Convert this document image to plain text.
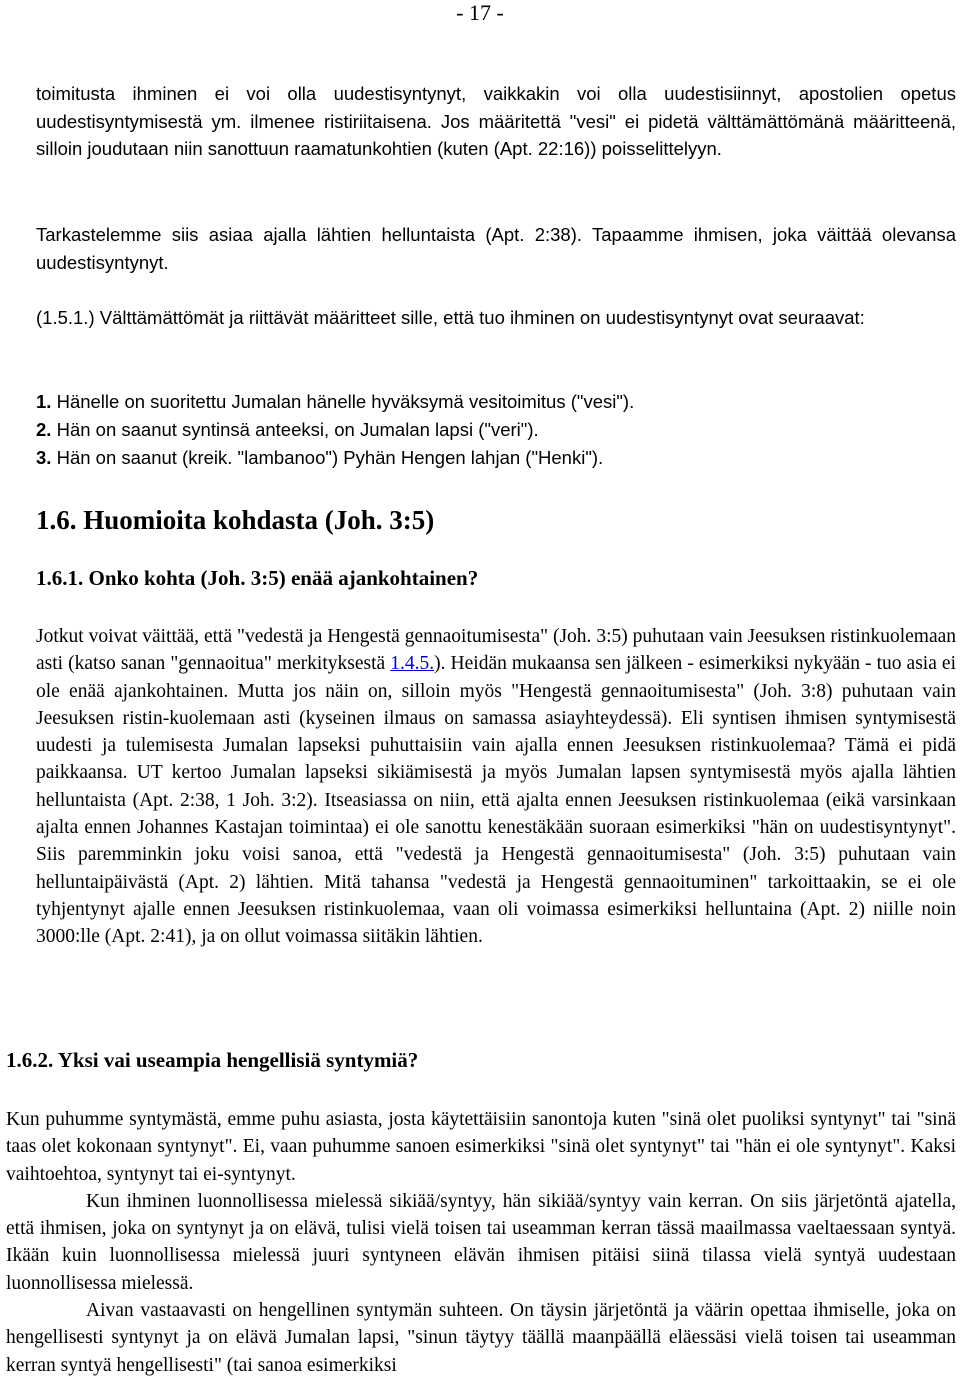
- 17 -

toimitusta ihminen ei voi olla uudestisyntynyt, vaikkakin voi olla uudestisiinnyt, apostolien opetus uudestisyntymisestä ym. ilmenee ristiriitaisena. Jos määritettä "vesi" ei pidetä välttämättömänä määritteenä, silloin joudutaan niin sanottuun raamatunkohtien (kuten (Apt. 22:16)) poisselittelyyn.

Tarkastelemme siis asiaa ajalla lähtien helluntaista (Apt. 2:38). Tapaamme ihmisen, joka väittää olevansa uudestisyntynyt.

(1.5.1.) Välttämättömät ja riittävät määritteet sille, että tuo ihminen on uudestisyntynyt ovat seuraavat:

1. Hänelle on suoritettu Jumalan hänelle hyväksymä vesitoimitus ("vesi").
2. Hän on saanut syntinsä anteeksi, on Jumalan lapsi ("veri").
3. Hän on saanut (kreik. "lambanoo") Pyhän Hengen lahjan ("Henki").
1.6. Huomioita kohdasta (Joh. 3:5)
1.6.1. Onko kohta (Joh. 3:5) enää ajankohtainen?

Jotkut voivat väittää, että "vedestä ja Hengestä gennaoitumisesta" (Joh. 3:5) puhutaan vain Jeesuksen ristinkuolemaan asti (katso sanan "gennaoitua" merkityksestä 1.4.5.). Heidän mukaansa sen jälkeen - esimerkiksi nykyään - tuo asia ei ole enää ajankohtainen. Mutta jos näin on, silloin myös "Hengestä gennaoitumisesta" (Joh. 3:8) puhutaan vain Jeesuksen ristin-kuolemaan asti (kyseinen ilmaus on samassa asiayhteydessä). Eli syntisen ihmisen syntymisestä uudesti ja tulemisesta Jumalan lapseksi puhuttaisiin vain ajalla ennen Jeesuksen ristinkuolemaa? Tämä ei pidä paikkaansa. UT kertoo Jumalan lapseksi sikiämisestä ja myös Jumalan lapsen syntymisestä myös ajalla lähtien helluntaista (Apt. 2:38, 1 Joh. 3:2). Itseasiassa on niin, että ajalta ennen Jeesuksen ristinkuolemaa (eikä varsinkaan ajalta ennen Johannes Kastajan toimintaa) ei ole sanottu kenestäkään suoraan esimerkiksi "hän on uudestisyntynyt". Siis paremminkin joku voisi sanoa, että "vedestä ja Hengestä gennaoitumisesta" (Joh. 3:5) puhutaan vain helluntaipäivästä (Apt. 2) lähtien. Mitä tahansa "vedestä ja Hengestä gennaoituminen" tarkoittaakin, se ei ole tyhjentynyt ajalle ennen Jeesuksen ristinkuolemaa, vaan oli voimassa esimerkiksi helluntaina (Apt. 2) niille noin 3000:lle (Apt. 2:41), ja on ollut voimassa siitäkin lähtien.

1.6.2. Yksi vai useampia hengellisiä syntymiä?

Kun puhumme syntymästä, emme puhu asiasta, josta käytettäisiin sanontoja kuten "sinä olet puoliksi syntynyt" tai "sinä taas olet kokonaan syntynyt". Ei, vaan puhumme sanoen esimerkiksi "sinä olet syntynyt" tai "hän ei ole syntynyt". Kaksi vaihtoehtoa, syntynyt tai ei-syntynyt.

Kun ihminen luonnollisessa mielessä sikiää/syntyy, hän sikiää/syntyy vain kerran. On siis järjetöntä ajatella, että ihmisen, joka on syntynyt ja on elävä, tulisi vielä toisen tai useamman kerran tässä maailmassa vaeltaessaan syntyä. Ikään kuin luonnollisessa mielessä juuri syntyneen elävän ihmisen pitäisi siinä tilassa vielä syntyä uudestaan luonnollisessa mielessä.

Aivan vastaavasti on hengellinen syntymän suhteen. On täysin järjetöntä ja väärin opettaa ihmiselle, joka on hengellisesti syntynyt ja on elävä Jumalan lapsi, "sinun täytyy täällä maanpäällä eläessäsi vielä toisen tai useamman kerran syntyä hengellisesti" (tai sanoa esimerkiksi
